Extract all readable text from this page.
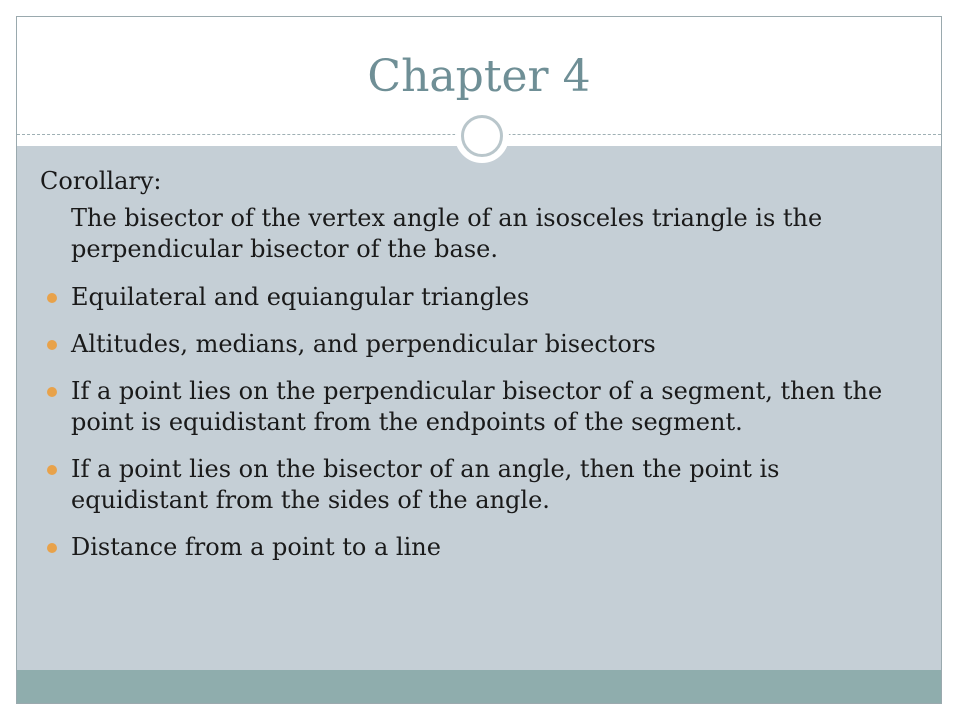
Chapter 4
Corollary:
The bisector of the vertex angle of an isosceles triangle is the perpendicular bisector of the base.
Equilateral and equiangular triangles
Altitudes, medians, and perpendicular bisectors
If a point lies on the perpendicular bisector of a segment, then the point is equidistant from the endpoints of the segment.
If a point lies on the bisector of an angle, then the point is equidistant from the sides of the angle.
Distance from a point to a line
